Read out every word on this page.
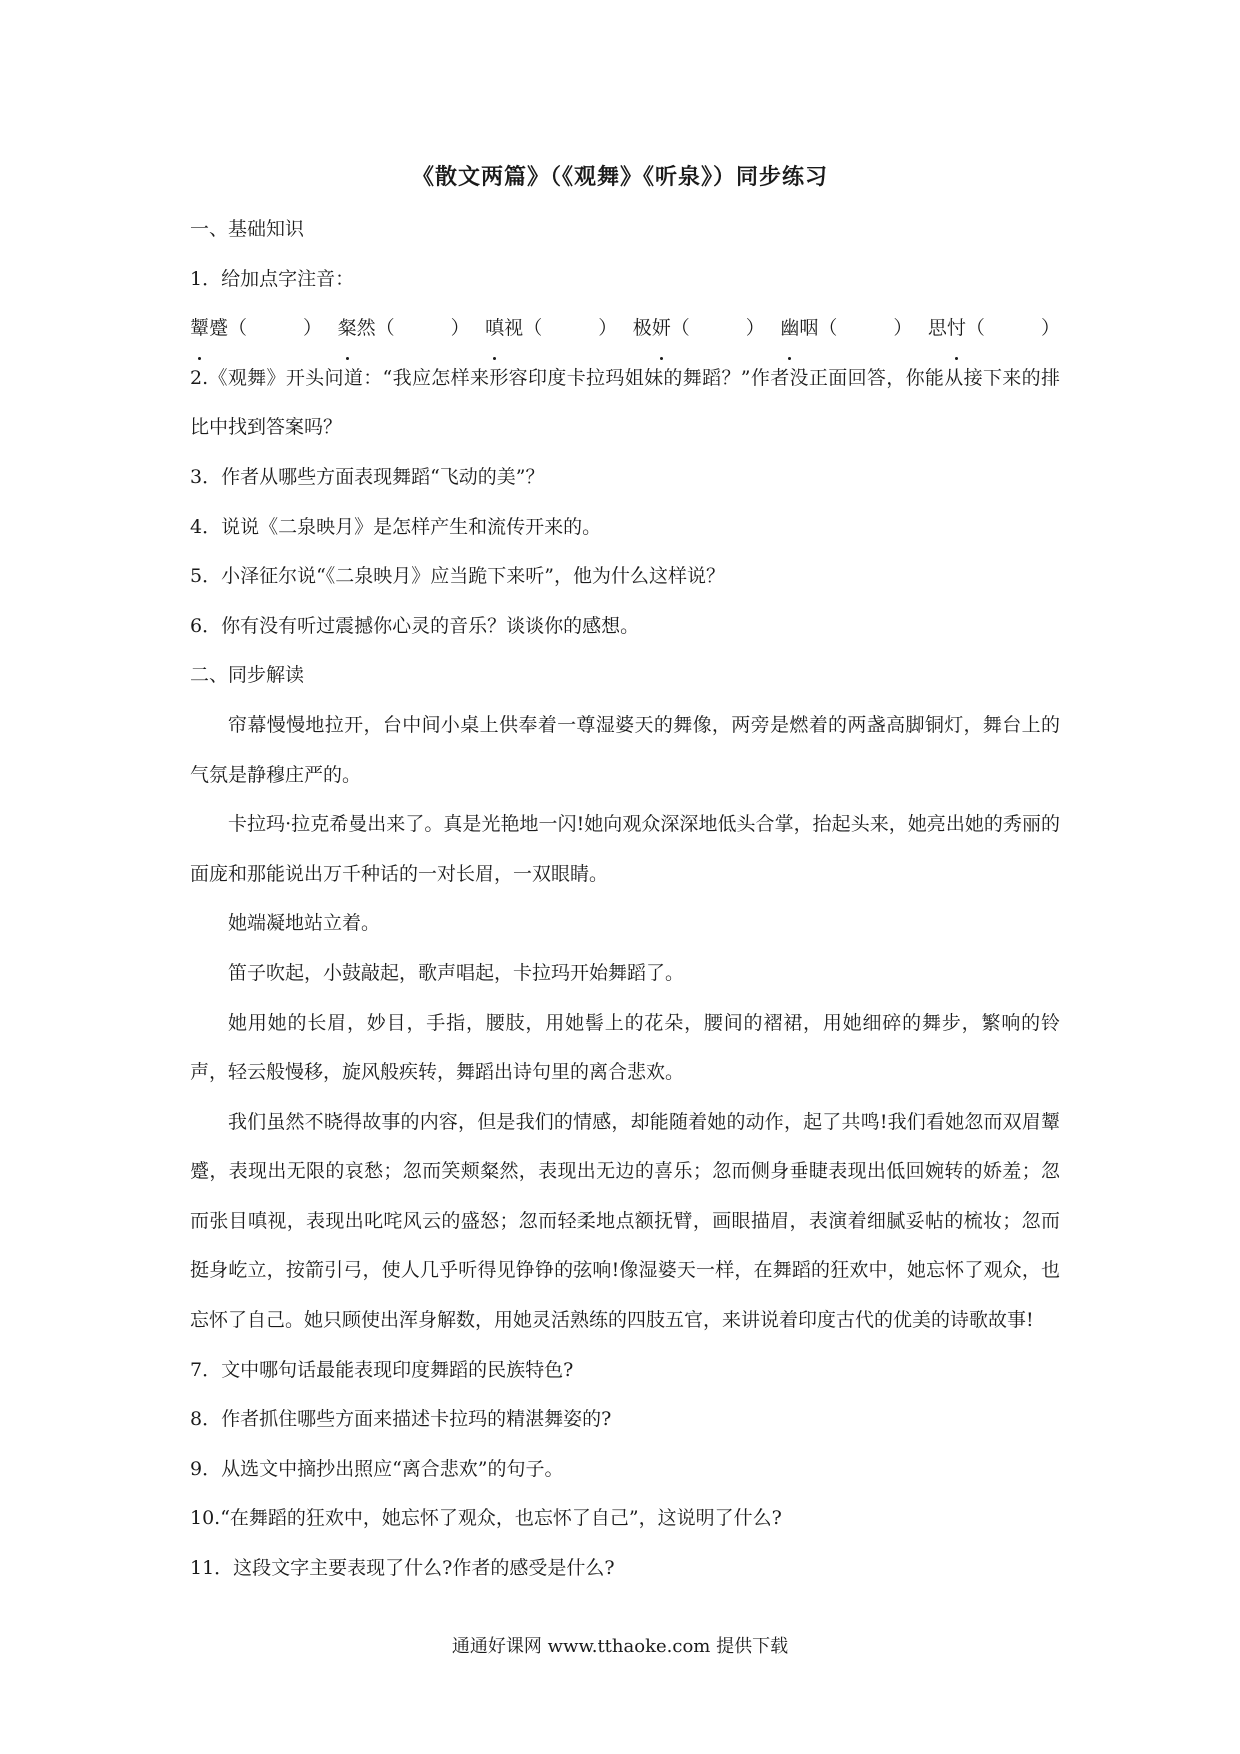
《散文两篇》（《观舞》《听泉》）同步练习

一、基础知识

1．给加点字注音：

颦蹙（	） 粲然（	） 嗔视（	） 极妍（	） 幽咽（	） 思忖（	）

2.《观舞》开头问道：“我应怎样来形容印度卡拉玛姐妹的舞蹈？”作者没正面回答，你能从接下来的排比中找到答案吗？

3．作者从哪些方面表现舞蹈“飞动的美”？

4．说说《二泉映月》是怎样产生和流传开来的。

5．小泽征尔说“《二泉映月》应当跪下来听”，他为什么这样说？

6．你有没有听过震撼你心灵的音乐？谈谈你的感想。

二、同步解读

帘幕慢慢地拉开，台中间小桌上供奉着一尊湿婆天的舞像，两旁是燃着的两盏高脚铜灯，舞台上的气氛是静穆庄严的。

卡拉玛·拉克希曼出来了。真是光艳地一闪!她向观众深深地低头合掌，抬起头来，她亮出她的秀丽的面庞和那能说出万千种话的一对长眉，一双眼睛。

她端凝地站立着。

笛子吹起，小鼓敲起，歌声唱起，卡拉玛开始舞蹈了。

她用她的长眉，妙目，手指，腰肢，用她髻上的花朵，腰间的褶裙，用她细碎的舞步，繁响的铃声，轻云般慢移，旋风般疾转，舞蹈出诗句里的离合悲欢。

我们虽然不晓得故事的内容，但是我们的情感，却能随着她的动作，起了共鸣!我们看她忽而双眉颦蹙，表现出无限的哀愁；忽而笑颊粲然，表现出无边的喜乐；忽而侧身垂睫表现出低回婉转的娇羞；忽而张目嗔视，表现出叱咤风云的盛怒；忽而轻柔地点额抚臂，画眼描眉，表演着细腻妥帖的梳妆；忽而挺身屹立，按箭引弓，使人几乎听得见铮铮的弦响!像湿婆天一样，在舞蹈的狂欢中，她忘怀了观众，也忘怀了自己。她只顾使出浑身解数，用她灵活熟练的四肢五官，来讲说着印度古代的优美的诗歌故事!

7．文中哪句话最能表现印度舞蹈的民族特色?

8．作者抓住哪些方面来描述卡拉玛的精湛舞姿的?

9．从选文中摘抄出照应“离合悲欢”的句子。

10.“在舞蹈的狂欢中，她忘怀了观众，也忘怀了自己”，这说明了什么?

11．这段文字主要表现了什么?作者的感受是什么?

通通好课网 www.tthaoke.com 提供下载
